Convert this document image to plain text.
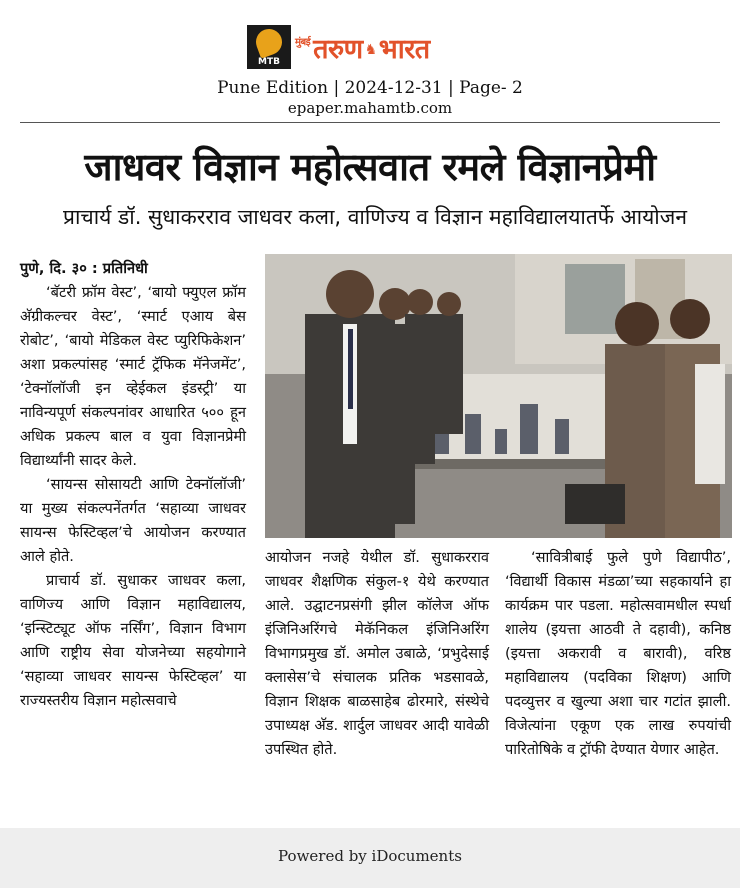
MTB
मुंबई तरुण ♞ भारत
Pune Edition | 2024-12-31 | Page- 2
epaper.mahamtb.com
जाधवर विज्ञान महोत्सवात रमले विज्ञानप्रेमी
प्राचार्य डॉ. सुधाकरराव जाधवर कला, वाणिज्य व विज्ञान महाविद्यालयातर्फे आयोजन

पुणे, दि. ३० : प्रतिनिधी

‘बॅटरी फ्रॉम वेस्ट’, ‘बायो फ्युएल फ्रॉम अ‍ॅग्रीकल्चर वेस्ट’, ‘स्मार्ट एआय बेस रोबोट’, ‘बायो मेडिकल वेस्ट प्युरिफिकेशन’ अशा प्रकल्पांसह ‘स्मार्ट ट्रॅफिक मॅनेजमेंट’, ‘टेक्नॉलॉजी इन व्हेईकल इंडस्ट्री’ या नाविन्यपूर्ण संकल्पनांवर आधारित ५०० हून अधिक प्रकल्प बाल व युवा विज्ञानप्रेमी विद्यार्थ्यांनी सादर केले.

‘सायन्स सोसायटी आणि टेक्नॉलॉजी’ या मुख्य संकल्पनेंतर्गत ‘सहाव्या जाधवर सायन्स फेस्टिव्हल’चे आयोजन करण्यात आले होते.

प्राचार्य डॉ. सुधाकर जाधवर कला, वाणिज्य आणि विज्ञान महाविद्यालय, ‘इन्स्टिट्यूट ऑफ नर्सिंग’, विज्ञान विभाग आणि राष्ट्रीय सेवा योजनेच्या सहयोगाने ‘सहाव्या जाधवर सायन्स फेस्टिव्हल’ या राज्यस्तरीय विज्ञान महोत्सवाचे

आयोजन नजहे येथील डॉ. सुधाकरराव जाधवर शैक्षणिक संकुल-१ येथे करण्यात आले. उद्घाटनप्रसंगी झील कॉलेज ऑफ इंजिनिअरिंगचे मेकॅनिकल इंजिनिअरिंग विभागप्रमुख डॉ. अमोल उबाळे, ‘प्रभुदेसाई क्लासेस’चे संचालक प्रतिक भडसावळे, विज्ञान शिक्षक बाळसाहेब ढोरमारे, संस्थेचे उपाध्यक्ष अ‍ॅड. शार्दुल जाधवर आदी यावेळी उपस्थित होते.

‘सावित्रीबाई फुले पुणे विद्यापीठ’, ‘विद्यार्थी विकास मंडळा’च्या सहकार्याने हा कार्यक्रम पार पडला. महोत्सवामधील स्पर्धा शालेय (इयत्ता आठवी ते दहावी), कनिष्ठ (इयत्ता अकरावी व बारावी), वरिष्ठ महाविद्यालय (पदविका शिक्षण) आणि पदव्युत्तर व खुल्या अशा चार गटांत झाली. विजेत्यांना एकूण एक लाख रुपयांची पारितोषिके व ट्रॉफी देण्यात येणार आहेत.

Powered by iDocuments
